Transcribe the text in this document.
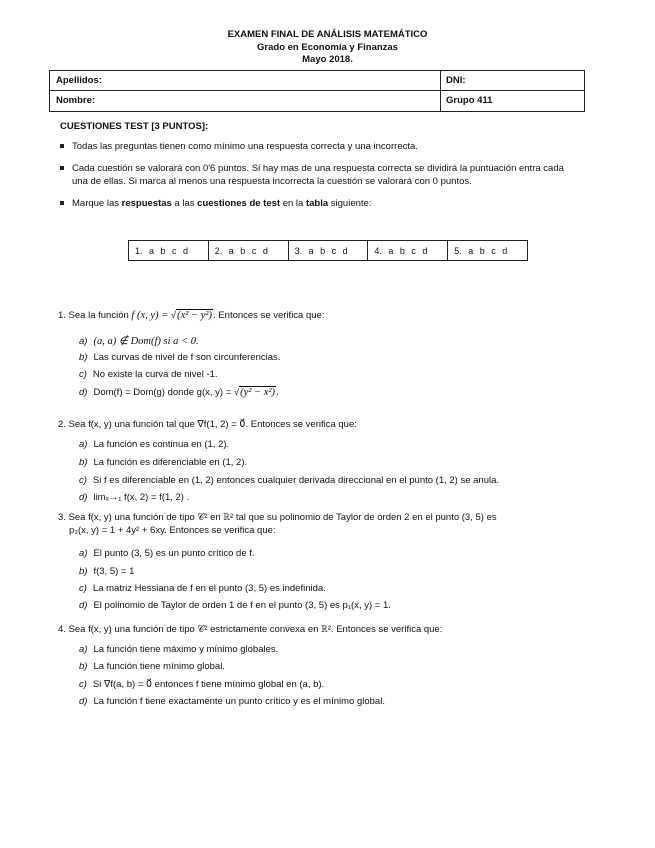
EXAMEN FINAL DE ANÁLISIS MATEMÁTICO
Grado en Economía y Finanzas
Mayo 2018.
Apellidos:	DNI:
Nombre:	Grupo 411
CUESTIONES TEST [3 PUNTOS]:
Todas las preguntas tienen como mínimo una respuesta correcta y una incorrecta.
Cada cuestión se valorará con 0'6 puntos. Si hay mas de una respuesta correcta se dividirá la puntuación entra cada
una de ellas. Si marca al menos una respuesta incorrecta la cuestión se valorará con 0 puntos.
Marque las respuestas a las cuestiones de test en la tabla siguiente:
1. a b c d	2. a b c d	3. a b c d	4. a b c d	5. a b c d
1. Sea la función f (x, y) = √(x² − y²). Entonces se verifica que:
a) (a, a) ∉ Dom(f) si a < 0.
b) Las curvas de nivel de f son circunferencias.
c) No existe la curva de nivel -1.
d) Dom(f) = Dom(g) donde g(x, y) = √(y² − x²).
2. Sea f(x, y) una función tal que ∇f(1, 2) = 0⃗. Entonces se verifica que:
a) La función es continua en (1, 2).
b) La función es diferenciable en (1, 2).
c) Si f es diferenciable en (1, 2) entonces cualquier derivada direccional en el punto (1, 2) se anula.
d) limₓ→₁ f(x, 2) = f(1, 2) .
3. Sea f(x, y) una función de tipo 𝒞² en ℝ² tal que su polinomio de Taylor de orden 2 en el punto (3, 5) es
p₂(x, y) = 1 + 4y² + 6xy. Entonces se verifica que:
a) El punto (3, 5) es un punto crítico de f.
b) f(3, 5) = 1
c) La matriz Hessiana de f en el punto (3, 5) es indefinida.
d) El polinomio de Taylor de orden 1 de f en el punto (3, 5) es p₁(x, y) = 1.
4. Sea f(x, y) una función de tipo 𝒞² estrictamente convexa en ℝ². Entonces se verifica que:
a) La función tiene máximo y mínimo globales.
b) La función tiene mínimo global.
c) Si ∇f(a, b) = 0⃗ entonces f tiene mínimo global en (a, b).
d) La función f tiene exactamente un punto crítico y es el mínimo global.
